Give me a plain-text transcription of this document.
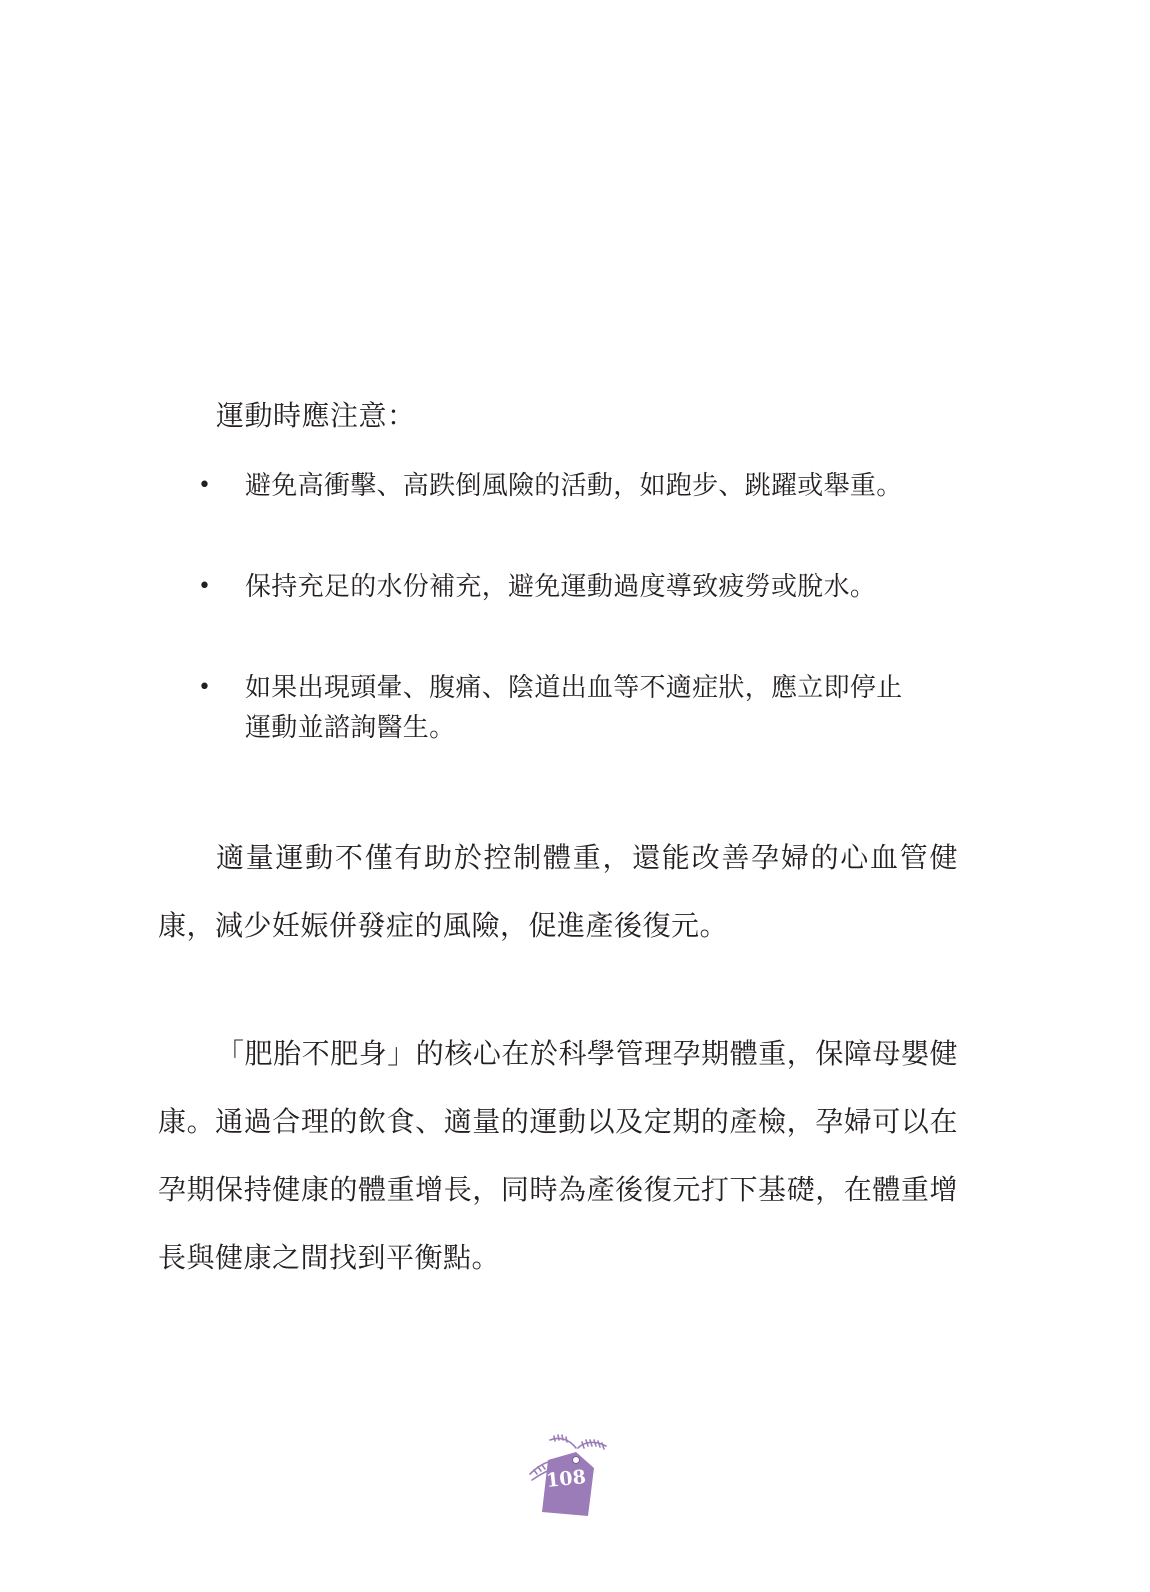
運動時應注意：
• 避免高衝擊、高跌倒風險的活動，如跑步、跳躍或舉重。
• 保持充足的水份補充，避免運動過度導致疲勞或脫水。
• 如果出現頭暈、腹痛、陰道出血等不適症狀，應立即停止運動並諮詢醫生。

適量運動不僅有助於控制體重，還能改善孕婦的心血管健康，減少妊娠併發症的風險，促進產後復元。

「肥胎不肥身」的核心在於科學管理孕期體重，保障母嬰健康。通過合理的飲食、適量的運動以及定期的產檢，孕婦可以在孕期保持健康的體重增長，同時為產後復元打下基礎，在體重增長與健康之間找到平衡點。

108
